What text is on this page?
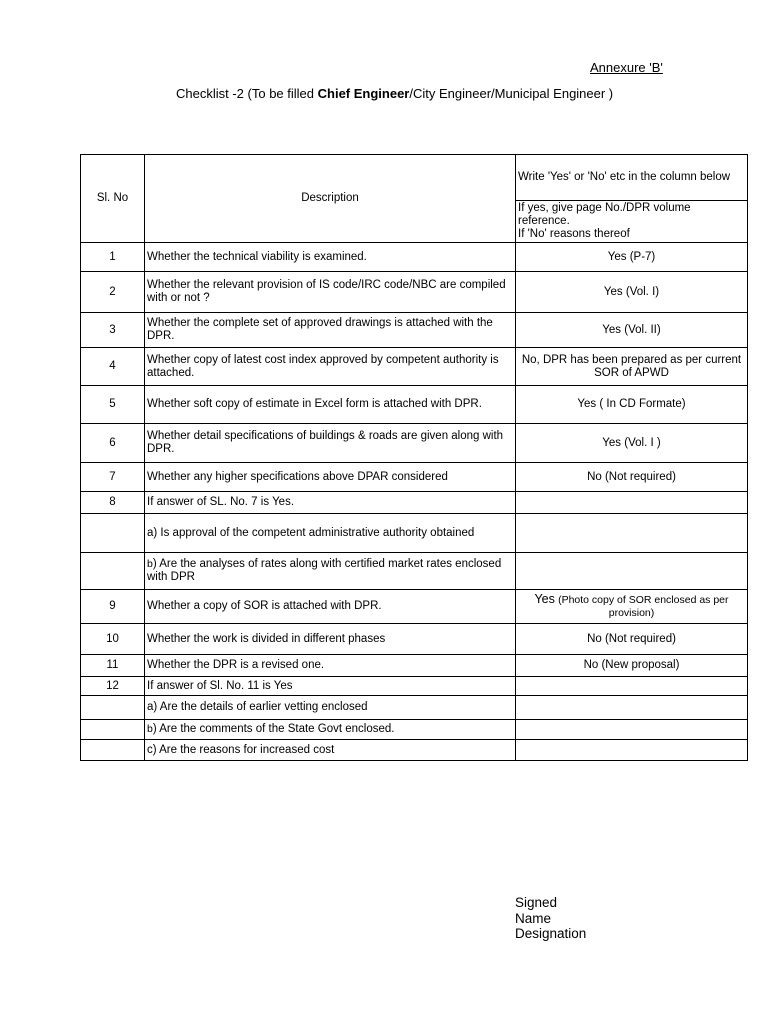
Annexure 'B'
Checklist -2 (To be filled Chief Engineer/City Engineer/Municipal Engineer )
Sl. No	Description	Write 'Yes' or 'No' etc in the column below

		If yes, give page No./DPR volume reference.
If 'No' reasons thereof

1	Whether the technical viability is examined.	Yes (P-7)
2	Whether the relevant provision of IS code/IRC code/NBC are compiled with or not ?	Yes (Vol. I)
3	Whether the complete set of approved drawings is attached with the DPR.	Yes (Vol. II)
4	Whether copy of latest cost index approved by competent authority is attached.	No, DPR has been prepared as per current SOR of APWD
5	Whether soft copy of estimate in Excel form is attached with DPR.	Yes ( In CD Formate)
6	Whether detail specifications of buildings & roads are given along with DPR.	Yes (Vol. I )
7	Whether any higher specifications above DPAR considered	No (Not required)
8	If answer of SL. No. 7 is Yes.	
	a) Is approval of the competent administrative authority obtained	
	b) Are the analyses of rates along with certified market rates enclosed with DPR	
9	Whether a copy of SOR is attached with DPR.	Yes (Photo copy of SOR enclosed as per provision)
10	Whether the work is divided in different phases	No (Not required)
11	Whether the DPR is a revised one.	No (New proposal)
12	If answer of Sl. No. 11 is Yes	
	a) Are the details of earlier vetting enclosed	
	b) Are the comments of the State Govt enclosed.	
	c) Are the reasons for increased cost	
Signed
Name
Designation
